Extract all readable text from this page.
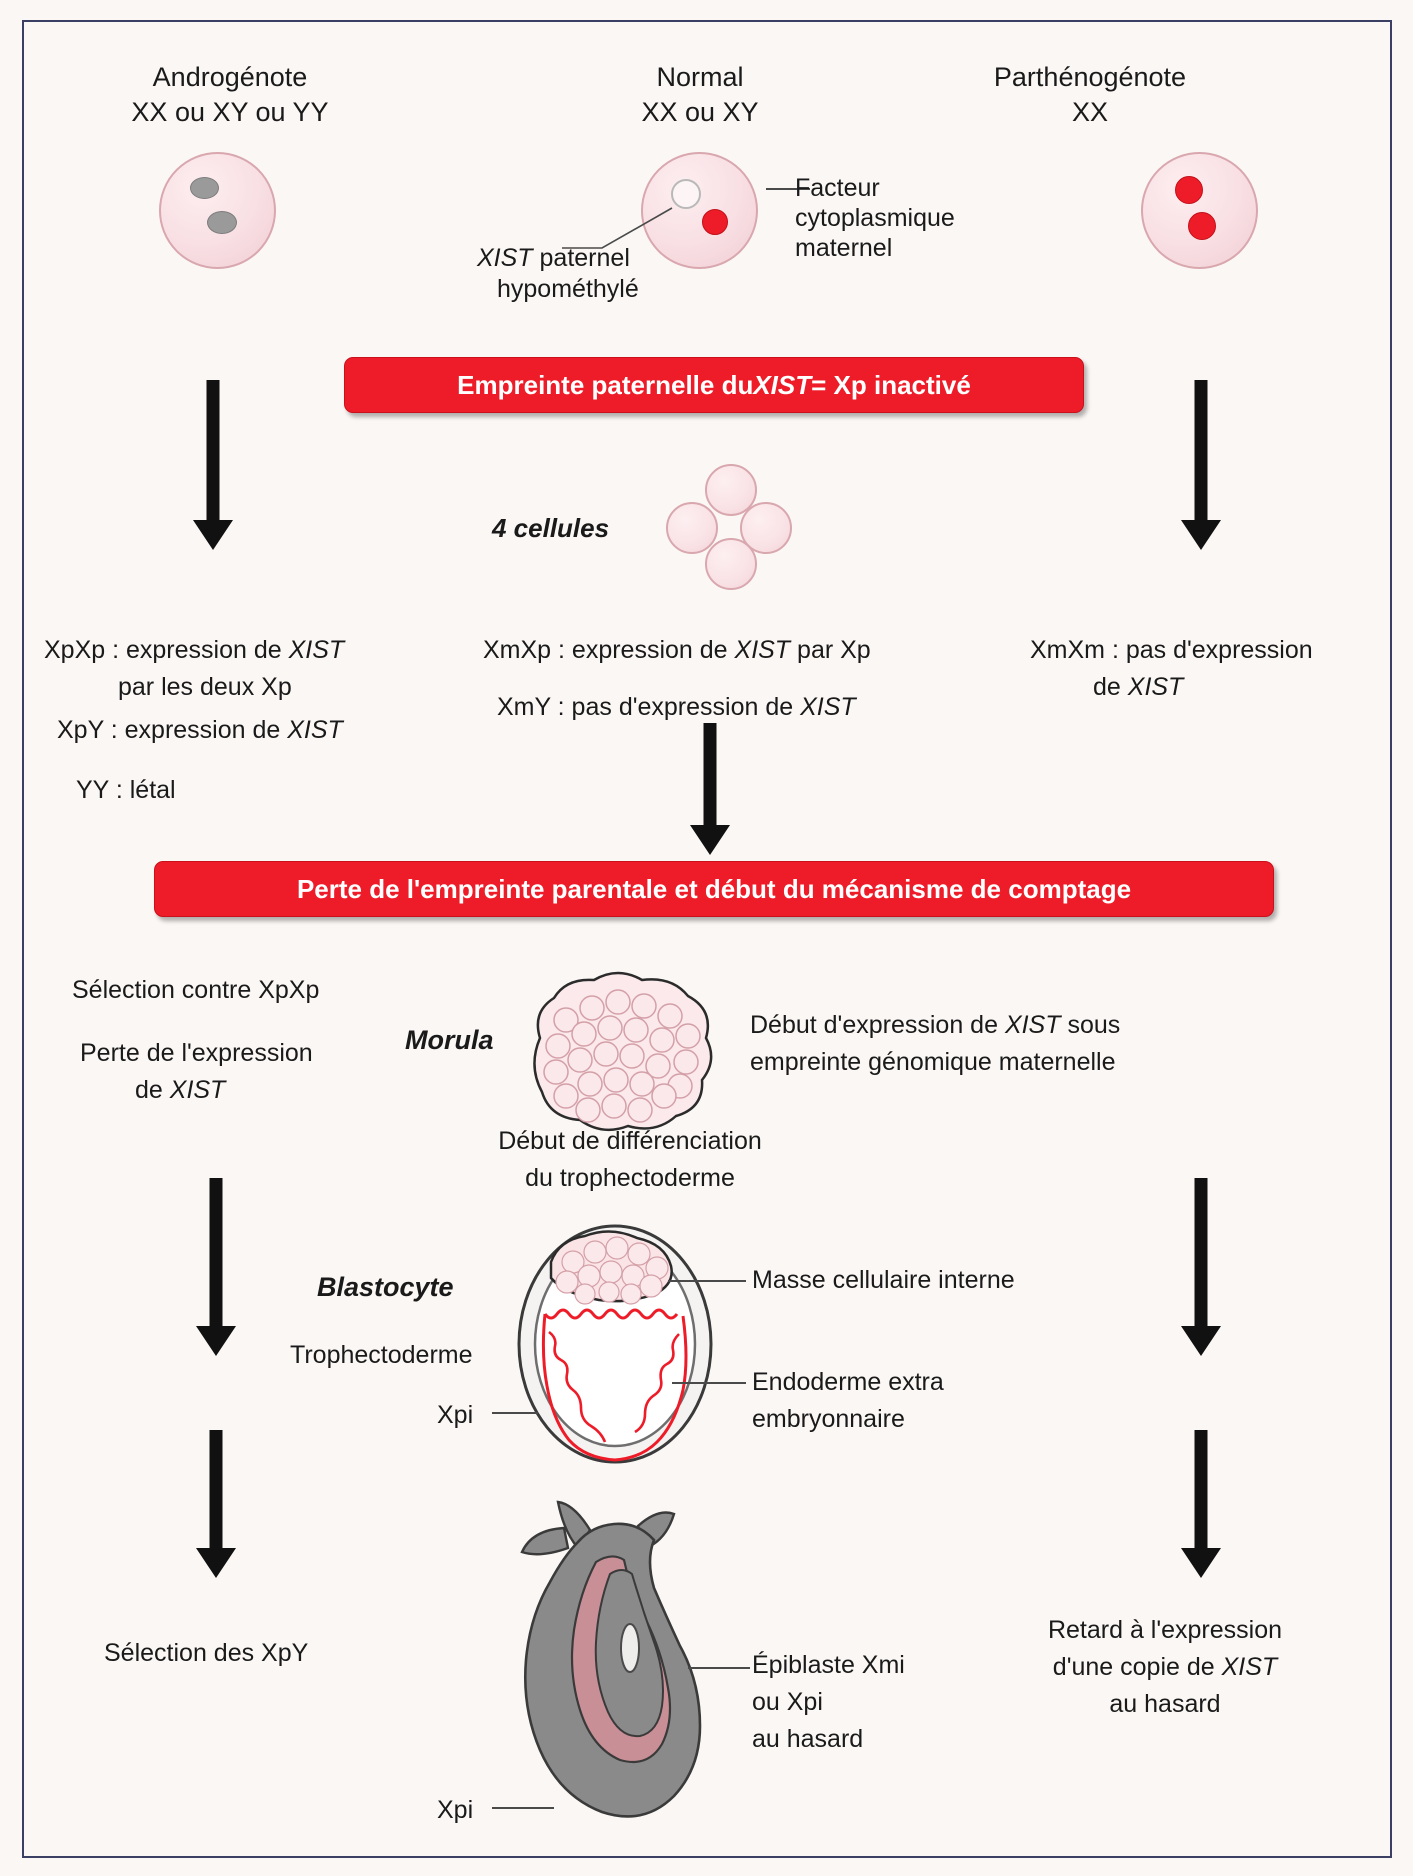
Androgénote
XX ou XY ou YY
Normal
XX ou XY
Parthénogénote
XX
Facteur
cytoplasmique
maternel
XIST paternel
hypométhylé
Empreinte paternelle du XIST = Xp inactivé
4 cellules
XpXp : expression de XIST
par les deux Xp
XpY : expression de XIST
YY : létal
XmXp : expression de XIST par Xp
XmY : pas d'expression de XIST
XmXm : pas d'expression
de XIST
Perte de l'empreinte parentale et début du mécanisme de comptage
Sélection contre XpXp
Perte de l'expression
de XIST
Sélection des XpY
Retard à l'expression
d'une copie de XIST
au hasard
Morula	Début d'expression de XIST sous
empreinte génomique maternelle
Début de différenciation
du trophectoderme
Blastocyte
Trophectoderme
Xpi
Masse cellulaire interne
Endoderme extra
embryonnaire
Épiblaste Xmi
ou Xpi
au hasard
Xpi
